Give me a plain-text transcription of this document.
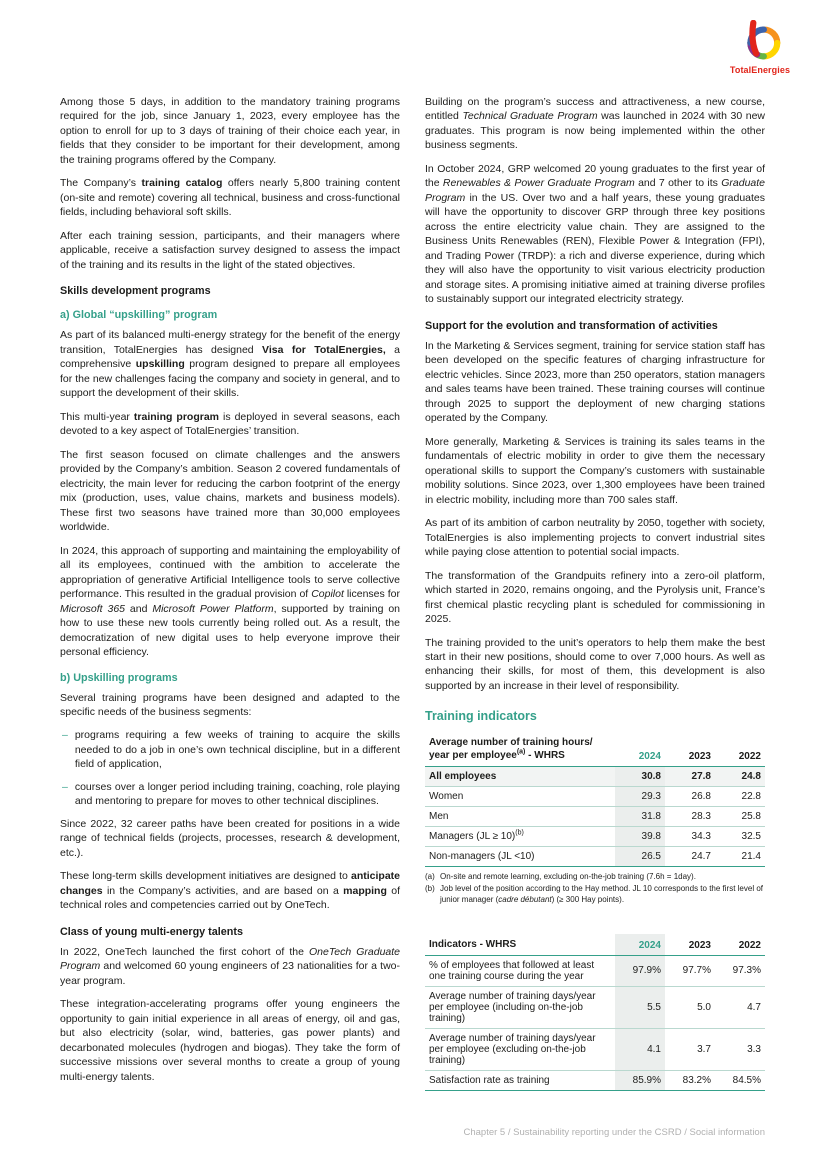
TotalEnergies

Among those 5 days, in addition to the mandatory training programs required for the job, since January 1, 2023, every employee has the option to enroll for up to 3 days of training of their choice each year, in fields that they consider to be important for their development, among the training programs offered by the Company.

The Company’s training catalog offers nearly 5,800 training content (on-site and remote) covering all technical, business and cross-functional fields, including behavioral soft skills.

After each training session, participants, and their managers where applicable, receive a satisfaction survey designed to assess the impact of the training and its results in the light of the stated objectives.

Skills development programs
a) Global “upskilling” program

As part of its balanced multi-energy strategy for the benefit of the energy transition, TotalEnergies has designed Visa for TotalEnergies, a comprehensive upskilling program designed to prepare all employees for the new challenges facing the company and society in general, and to support the development of their skills.

This multi-year training program is deployed in several seasons, each devoted to a key aspect of TotalEnergies’ transition.

The first season focused on climate challenges and the answers provided by the Company’s ambition. Season 2 covered fundamentals of electricity, the main lever for reducing the carbon footprint of the energy mix (production, uses, value chains, markets and business models). These first two seasons have trained more than 30,000 employees worldwide.

In 2024, this approach of supporting and maintaining the employability of all its employees, continued with the ambition to accelerate the appropriation of generative Artificial Intelligence tools to serve collective performance. This resulted in the gradual provision of Copilot licenses for Microsoft 365 and Microsoft Power Platform, supported by training on how to use these new tools currently being rolled out. As a result, the democratization of new digital uses to help everyone improve their personal efficiency.

b) Upskilling programs

Several training programs have been designed and adapted to the specific needs of the business segments:

– programs requiring a few weeks of training to acquire the skills needed to do a job in one’s own technical discipline, but in a different field of application,

– courses over a longer period including training, coaching, role playing and mentoring to prepare for moves to other technical disciplines.

Since 2022, 32 career paths have been created for positions in a wide range of technical fields (projects, processes, research & development, etc.).

These long-term skills development initiatives are designed to anticipate changes in the Company’s activities, and are based on a mapping of technical roles and competencies carried out by OneTech.

Class of young multi-energy talents

In 2022, OneTech launched the first cohort of the OneTech Graduate Program and welcomed 60 young engineers of 23 nationalities for a two-year program.

These integration-accelerating programs offer young engineers the opportunity to gain initial experience in all areas of energy, oil and gas, but also electricity (solar, wind, batteries, gas power plants) and decarbonated molecules (hydrogen and biogas). They take the form of successive missions over several months to create a group of young multi-energy talents.

Building on the program’s success and attractiveness, a new course, entitled Technical Graduate Program was launched in 2024 with 30 new graduates. This program is now being implemented within the other business segments.

In October 2024, GRP welcomed 20 young graduates to the first year of the Renewables & Power Graduate Program and 7 other to its Graduate Program in the US. Over two and a half years, these young graduates will have the opportunity to discover GRP through three key positions across the entire electricity value chain. They are assigned to the Business Units Renewables (REN), Flexible Power & Integration (FPI), and Trading Power (TRDP): a rich and diverse experience, during which they will also have the opportunity to visit various electricity production and storage sites. A promising initiative aimed at training diverse profiles to sustainably support our integrated electricity strategy.

Support for the evolution and transformation of activities

In the Marketing & Services segment, training for service station staff has been developed on the specific features of charging infrastructure for electric vehicles. Since 2023, more than 250 operators, station managers and sales teams have been trained. These training courses will continue through 2025 to support the deployment of new charging stations operated by the Company.

More generally, Marketing & Services is training its sales teams in the fundamentals of electric mobility in order to give them the necessary operational skills to support the Company’s customers with sustainable mobility solutions. Since 2023, over 1,300 employees have been trained in electric mobility, including more than 700 sales staff.

As part of its ambition of carbon neutrality by 2050, together with society, TotalEnergies is also implementing projects to convert industrial sites while paying close attention to potential social impacts.

The transformation of the Grandpuits refinery into a zero-oil platform, which started in 2020, remains ongoing, and the Pyrolysis unit, France’s first chemical plastic recycling plant is scheduled for commissioning in 2025.

The training provided to the unit’s operators to help them make the best start in their new positions, should come to over 7,000 hours. As well as enhancing their skills, for most of them, this development is also supported by an increase in their level of responsibility.

Training indicators
Average number of training hours/
year per employee$^{(a)}$ - WHRS	2024	2023	2022
All employees	30.8	27.8	24.8
Women	29.3	26.8	22.8
Men	31.8	28.3	25.8
Managers (JL ≥ 10)$^{(b)}$	39.8	34.3	32.5
Non-managers (JL <10)	26.5	24.7	21.4
(a) On-site and remote learning, excluding on-the-job training (7.6h = 1day).
(b) Job level of the position according to the Hay method. JL 10 corresponds to the first level of junior manager (cadre débutant) (≥ 300 Hay points).
Indicators - WHRS	2024	2023	2022
% of employees that followed at least one training course during the year	97.9%	97.7%	97.3%
Average number of training days/year per employee (including on-the-job training)	5.5	5.0	4.7
Average number of training days/year per employee (excluding on-the-job training)	4.1	3.7	3.3
Satisfaction rate as training	85.9%	83.2%	84.5%
Chapter 5 / Sustainability reporting under the CSRD / Social information
